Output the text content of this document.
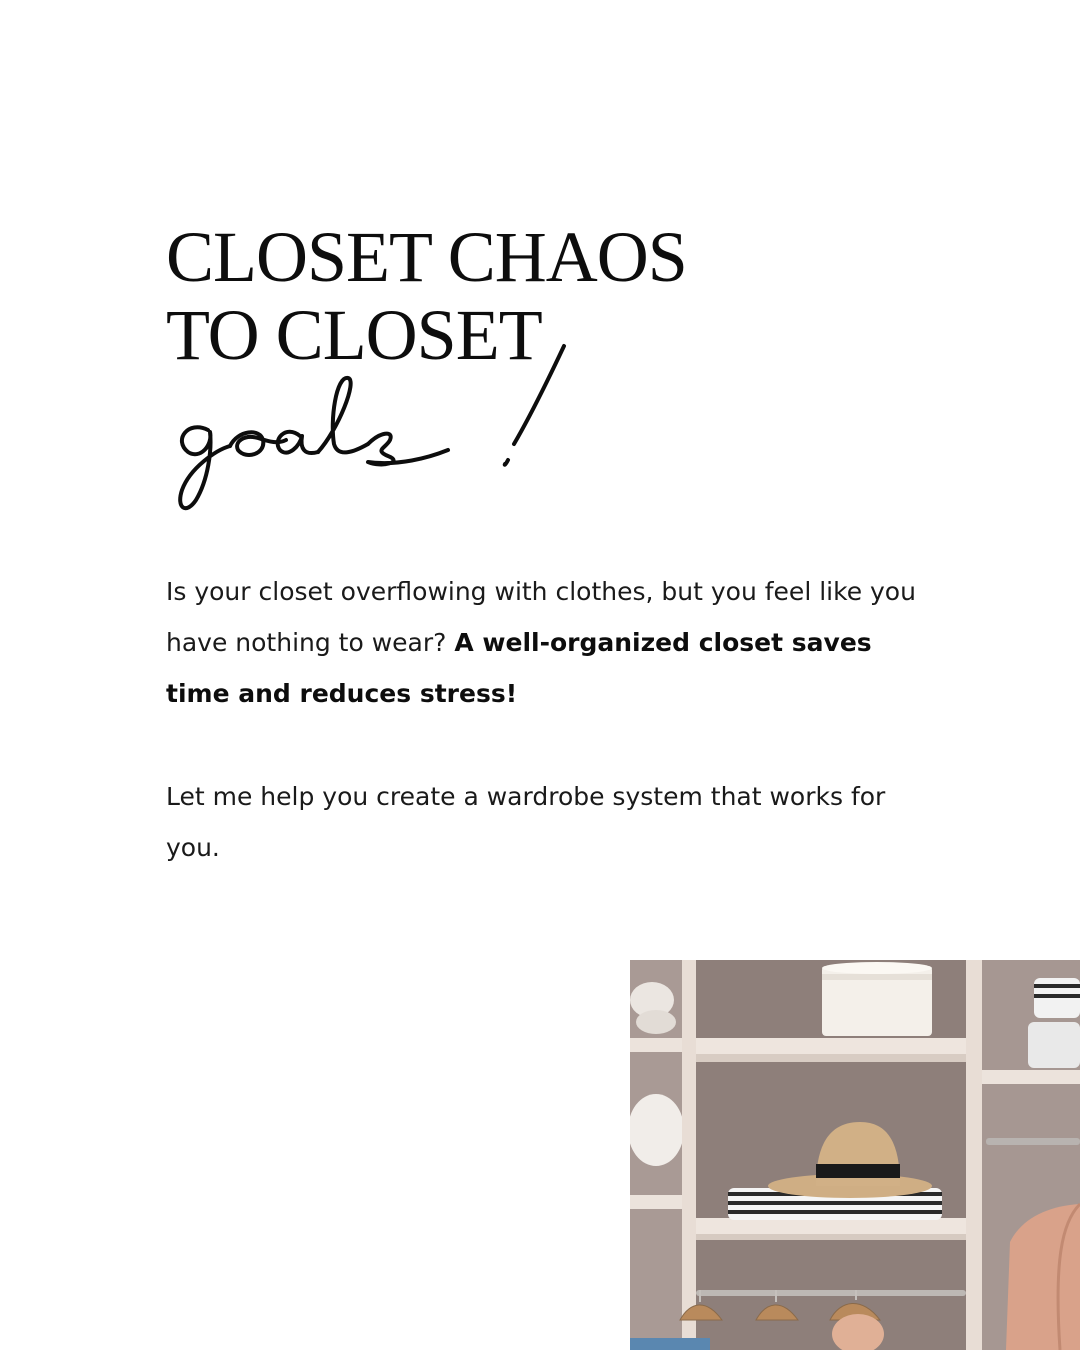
CLOSET CHAOS
TO CLOSET

Is your closet overflowing with clothes, but you feel like you have nothing to wear? A well-organized closet saves time and reduces stress!

Let me help you create a wardrobe system that works for you.
